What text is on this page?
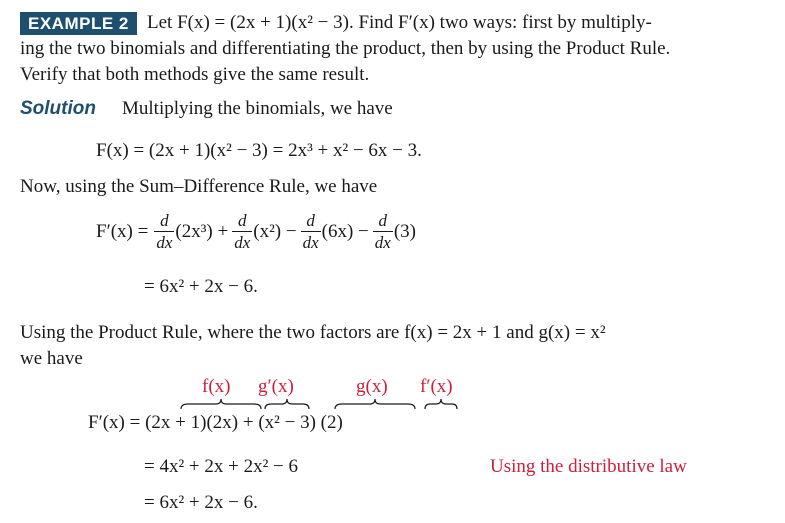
EXAMPLE 2 Let F(x) = (2x + 1)(x² − 3). Find F′(x) two ways: first by multiply-
ing the two binomials and differentiating the product, then by using the Product Rule.
Verify that both methods give the same result.
Solution Multiplying the binomials, we have
F(x) = (2x + 1)(x² − 3) = 2x³ + x² − 6x − 3.
Now, using the Sum–Difference Rule, we have
$F'(x) = \frac{d}{dx} (2x^3) + \frac{d}{dx} (x^2) - \frac{d}{dx} (6x) - \frac{d}{dx} (3)$
= 6x² + 2x − 6.
Using the Product Rule, where the two factors are f(x) = 2x + 1 and g(x) = x²
we have
f(x) g′(x)	g(x) f′(x)
F′(x) = (2x + 1)(2x) + (x² − 3) (2)
= 4x² + 2x + 2x² − 6	Using the distributive law
= 6x² + 2x − 6.
